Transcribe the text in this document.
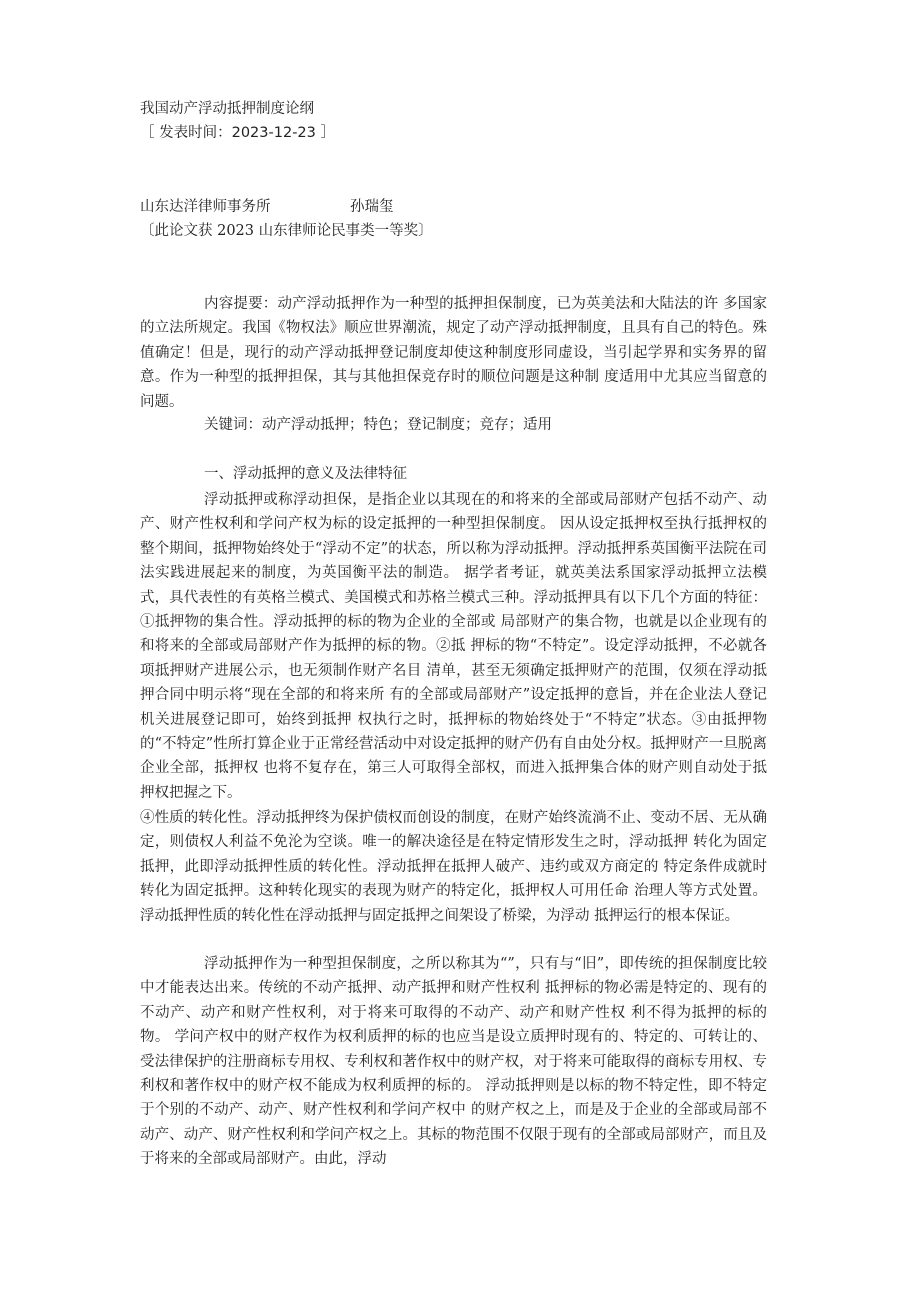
我国动产浮动抵押制度论纲
［ 发表时间：2023-12-23 ］
山东达洋律师事务所	孙瑞玺
〔此论文获 2023 山东律师论民事类一等奖〕
内容提要：动产浮动抵押作为一种型的抵押担保制度，已为英美法和大陆法的许 多国家的立法所规定。我国《物权法》顺应世界潮流，规定了动产浮动抵押制度，且具有自己的特色。殊值确定！但是，现行的动产浮动抵押登记制度却使这种制度形同虚设，当引起学界和实务界的留意。作为一种型的抵押担保，其与其他担保竞存时的顺位问题是这种制 度适用中尤其应当留意的问题。
关键词：动产浮动抵押；特色；登记制度；竞存；适用
一、浮动抵押的意义及法律特征
浮动抵押或称浮动担保，是指企业以其现在的和将来的全部或局部财产包括不动产、动产、财产性权利和学问产权为标的设定抵押的一种型担保制度。 因从设定抵押权至执行抵押权的整个期间，抵押物始终处于“浮动不定”的状态，所以称为浮动抵押。浮动抵押系英国衡平法院在司法实践进展起来的制度，为英国衡平法的制造。 据学者考证，就英美法系国家浮动抵押立法模式，具代表性的有英格兰模式、美国模式和苏格兰模式三种。浮动抵押具有以下几个方面的特征：①抵押物的集合性。浮动抵押的标的物为企业的全部或 局部财产的集合物，也就是以企业现有的和将来的全部或局部财产作为抵押的标的物。②抵 押标的物“不特定”。设定浮动抵押，不必就各项抵押财产进展公示，也无须制作财产名目 清单，甚至无须确定抵押财产的范围，仅须在浮动抵押合同中明示将“现在全部的和将来所 有的全部或局部财产”设定抵押的意旨，并在企业法人登记机关进展登记即可，始终到抵押 权执行之时，抵押标的物始终处于“不特定”状态。③由抵押物的“不特定”性所打算企业于正常经营活动中对设定抵押的财产仍有自由处分权。抵押财产一旦脱离企业全部，抵押权 也将不复存在，第三人可取得全部权，而进入抵押集合体的财产则自动处于抵押权把握之下。
④性质的转化性。浮动抵押终为保护债权而创设的制度，在财产始终流淌不止、变动不居、无从确定，则债权人利益不免沦为空谈。唯一的解决途径是在特定情形发生之时，浮动抵押 转化为固定抵押，此即浮动抵押性质的转化性。浮动抵押在抵押人破产、违约或双方商定的 特定条件成就时转化为固定抵押。这种转化现实的表现为财产的特定化，抵押权人可用任命 治理人等方式处置。浮动抵押性质的转化性在浮动抵押与固定抵押之间架设了桥梁，为浮动 抵押运行的根本保证。
浮动抵押作为一种型担保制度，之所以称其为“”，只有与“旧”，即传统的担保制度比较中才能表达出来。传统的不动产抵押、动产抵押和财产性权利 抵押标的物必需是特定的、现有的不动产、动产和财产性权利，对于将来可取得的不动产、动产和财产性权 利不得为抵押的标的物。 学问产权中的财产权作为权利质押的标的也应当是设立质押时现有的、特定的、可转让的、受法律保护的注册商标专用权、专利权和著作权中的财产权，对于将来可能取得的商标专用权、专利权和著作权中的财产权不能成为权利质押的标的。 浮动抵押则是以标的物不特定性，即不特定于个别的不动产、动产、财产性权利和学问产权中 的财产权之上，而是及于企业的全部或局部不动产、动产、财产性权利和学问产权之上。其标的物范围不仅限于现有的全部或局部财产，而且及于将来的全部或局部财产。由此，浮动
